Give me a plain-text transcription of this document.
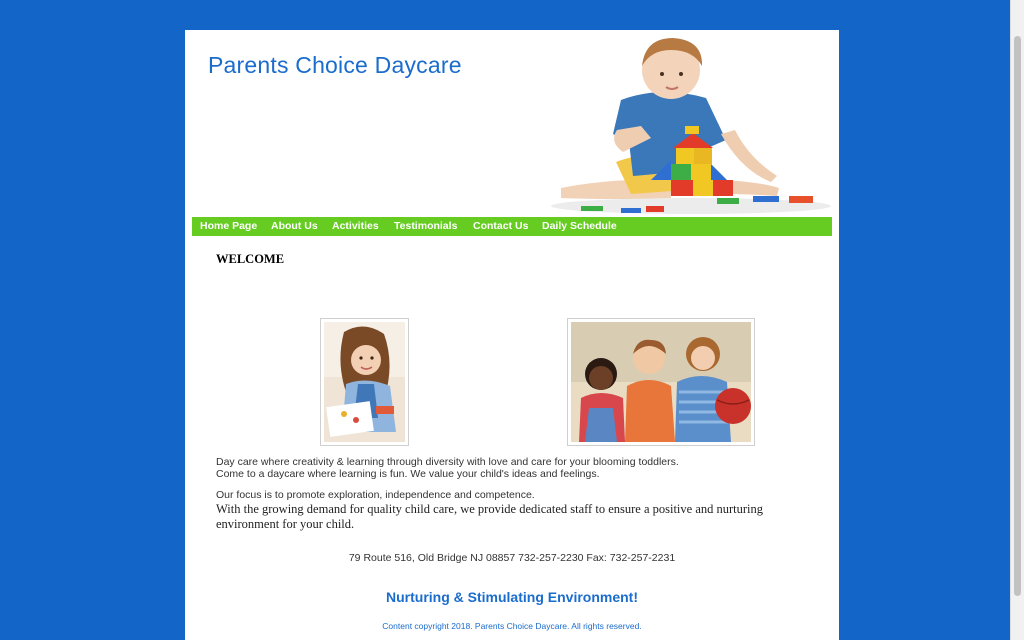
Parents Choice Daycare
Home Page About Us Activities Testimonials Contact Us Daily Schedule
WELCOME
Day care where creativity & learning through diversity with love and care for your blooming toddlers.
Come to a daycare where learning is fun. We value your child's ideas and feelings.
Our focus is to promote exploration, independence and competence.
With the growing demand for quality child care, we provide dedicated staff to ensure a positive and nurturing environment for your child.
79 Route 516, Old Bridge NJ 08857 732-257-2230 Fax: 732-257-2231
Nurturing & Stimulating Environment!
Content copyright 2018. Parents Choice Daycare. All rights reserved.
